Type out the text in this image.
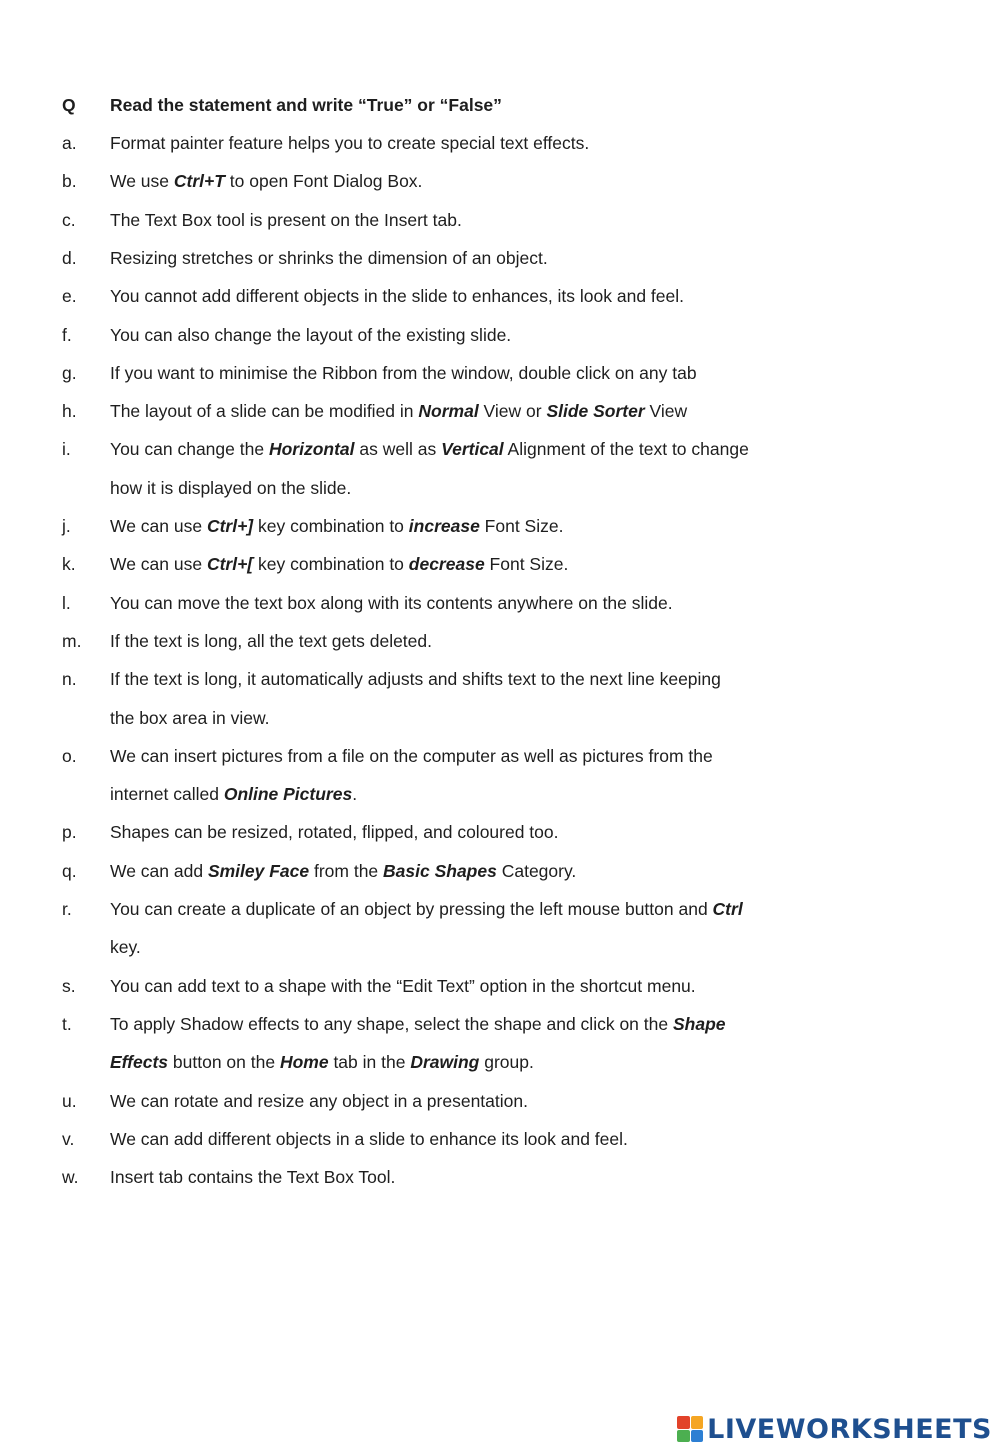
Q Read the statement and write “True” or “False”
a. Format painter feature helps you to create special text effects.
b. We use Ctrl+T to open Font Dialog Box.
c. The Text Box tool is present on the Insert tab.
d. Resizing stretches or shrinks the dimension of an object.
e. You cannot add different objects in the slide to enhances, its look and feel.
f. You can also change the layout of the existing slide.
g. If you want to minimise the Ribbon from the window, double click on any tab
h. The layout of a slide can be modified in Normal View or Slide Sorter View
i. You can change the Horizontal as well as Vertical Alignment of the text to change
how it is displayed on the slide.
j. We can use Ctrl+] key combination to increase Font Size.
k. We can use Ctrl+[ key combination to decrease Font Size.
l. You can move the text box along with its contents anywhere on the slide.
m. If the text is long, all the text gets deleted.
n. If the text is long, it automatically adjusts and shifts text to the next line keeping
the box area in view.
o. We can insert pictures from a file on the computer as well as pictures from the
internet called Online Pictures.
p. Shapes can be resized, rotated, flipped, and coloured too.
q. We can add Smiley Face from the Basic Shapes Category.
r. You can create a duplicate of an object by pressing the left mouse button and Ctrl
key.
s. You can add text to a shape with the “Edit Text” option in the shortcut menu.
t. To apply Shadow effects to any shape, select the shape and click on the Shape
Effects button on the Home tab in the Drawing group.
u. We can rotate and resize any object in a presentation.
v. We can add different objects in a slide to enhance its look and feel.
w. Insert tab contains the Text Box Tool.
LIVEWORKSHEETS
